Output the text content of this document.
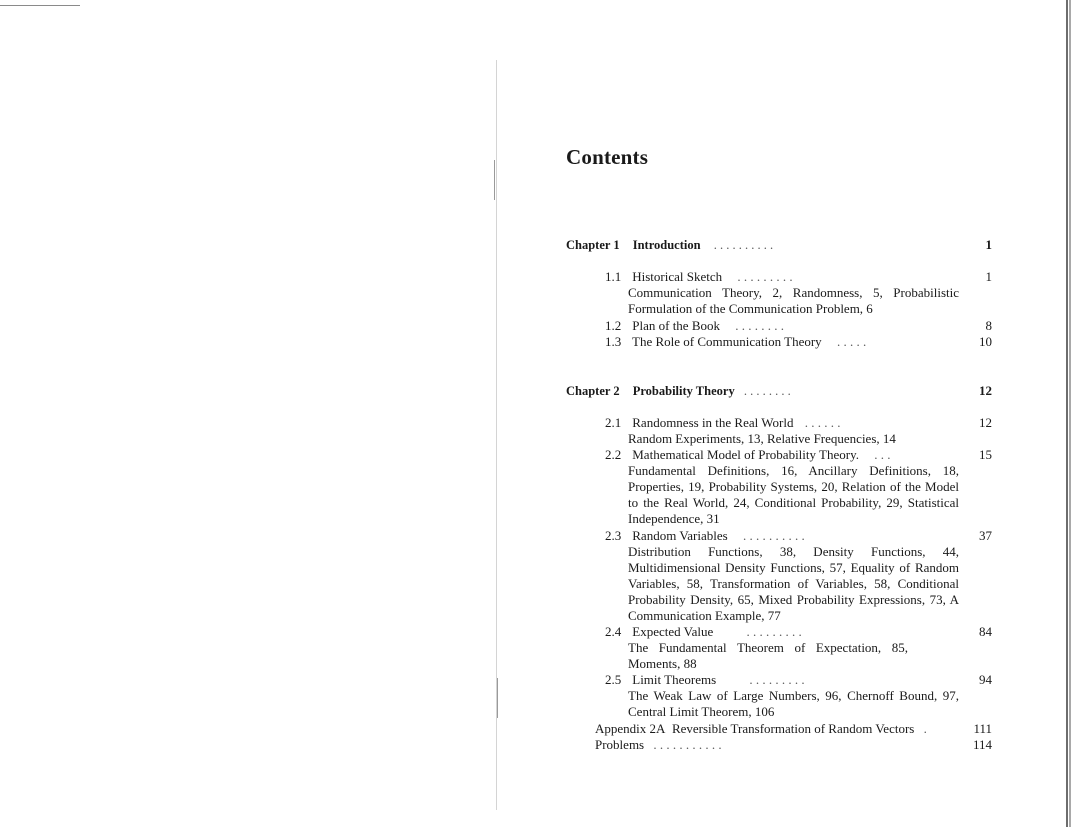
Contents
Chapter 1 Introduction . . . . . . . . . .	1
1.1 Historical Sketch . . . . . . . . .	1
Communication Theory, 2, Randomness, 5, Probabilistic Formulation of the Communication Problem, 6
1.2 Plan of the Book . . . . . . . .	8
1.3 The Role of Communication Theory . . . . .	10
Chapter 2 Probability Theory . . . . . . . .	12
2.1 Randomness in the Real World . . . . . .	12
Random Experiments, 13, Relative Frequencies, 14
2.2 Mathematical Model of Probability Theory. . . .	15
Fundamental Definitions, 16, Ancillary Definitions, 18, Properties, 19, Probability Systems, 20, Relation of the Model to the Real World, 24, Conditional Probability, 29, Statistical Independence, 31
2.3 Random Variables . . . . . . . . . .	37
Distribution Functions, 38, Density Functions, 44, Multidimensional Density Functions, 57, Equality of Random Variables, 58, Transformation of Variables, 58, Conditional Probability Density, 65, Mixed Probability Expressions, 73, A Communication Example, 77
2.4 Expected Value	. . . . . . . . .	84
The Fundamental Theorem of Expectation, 85, Moments, 88
2.5 Limit Theorems	. . . . . . . . .	94
The Weak Law of Large Numbers, 96, Chernoff Bound, 97, Central Limit Theorem, 106
Appendix 2A Reversible Transformation of Random Vectors .	111
Problems . . . . . . . . . . .	114
